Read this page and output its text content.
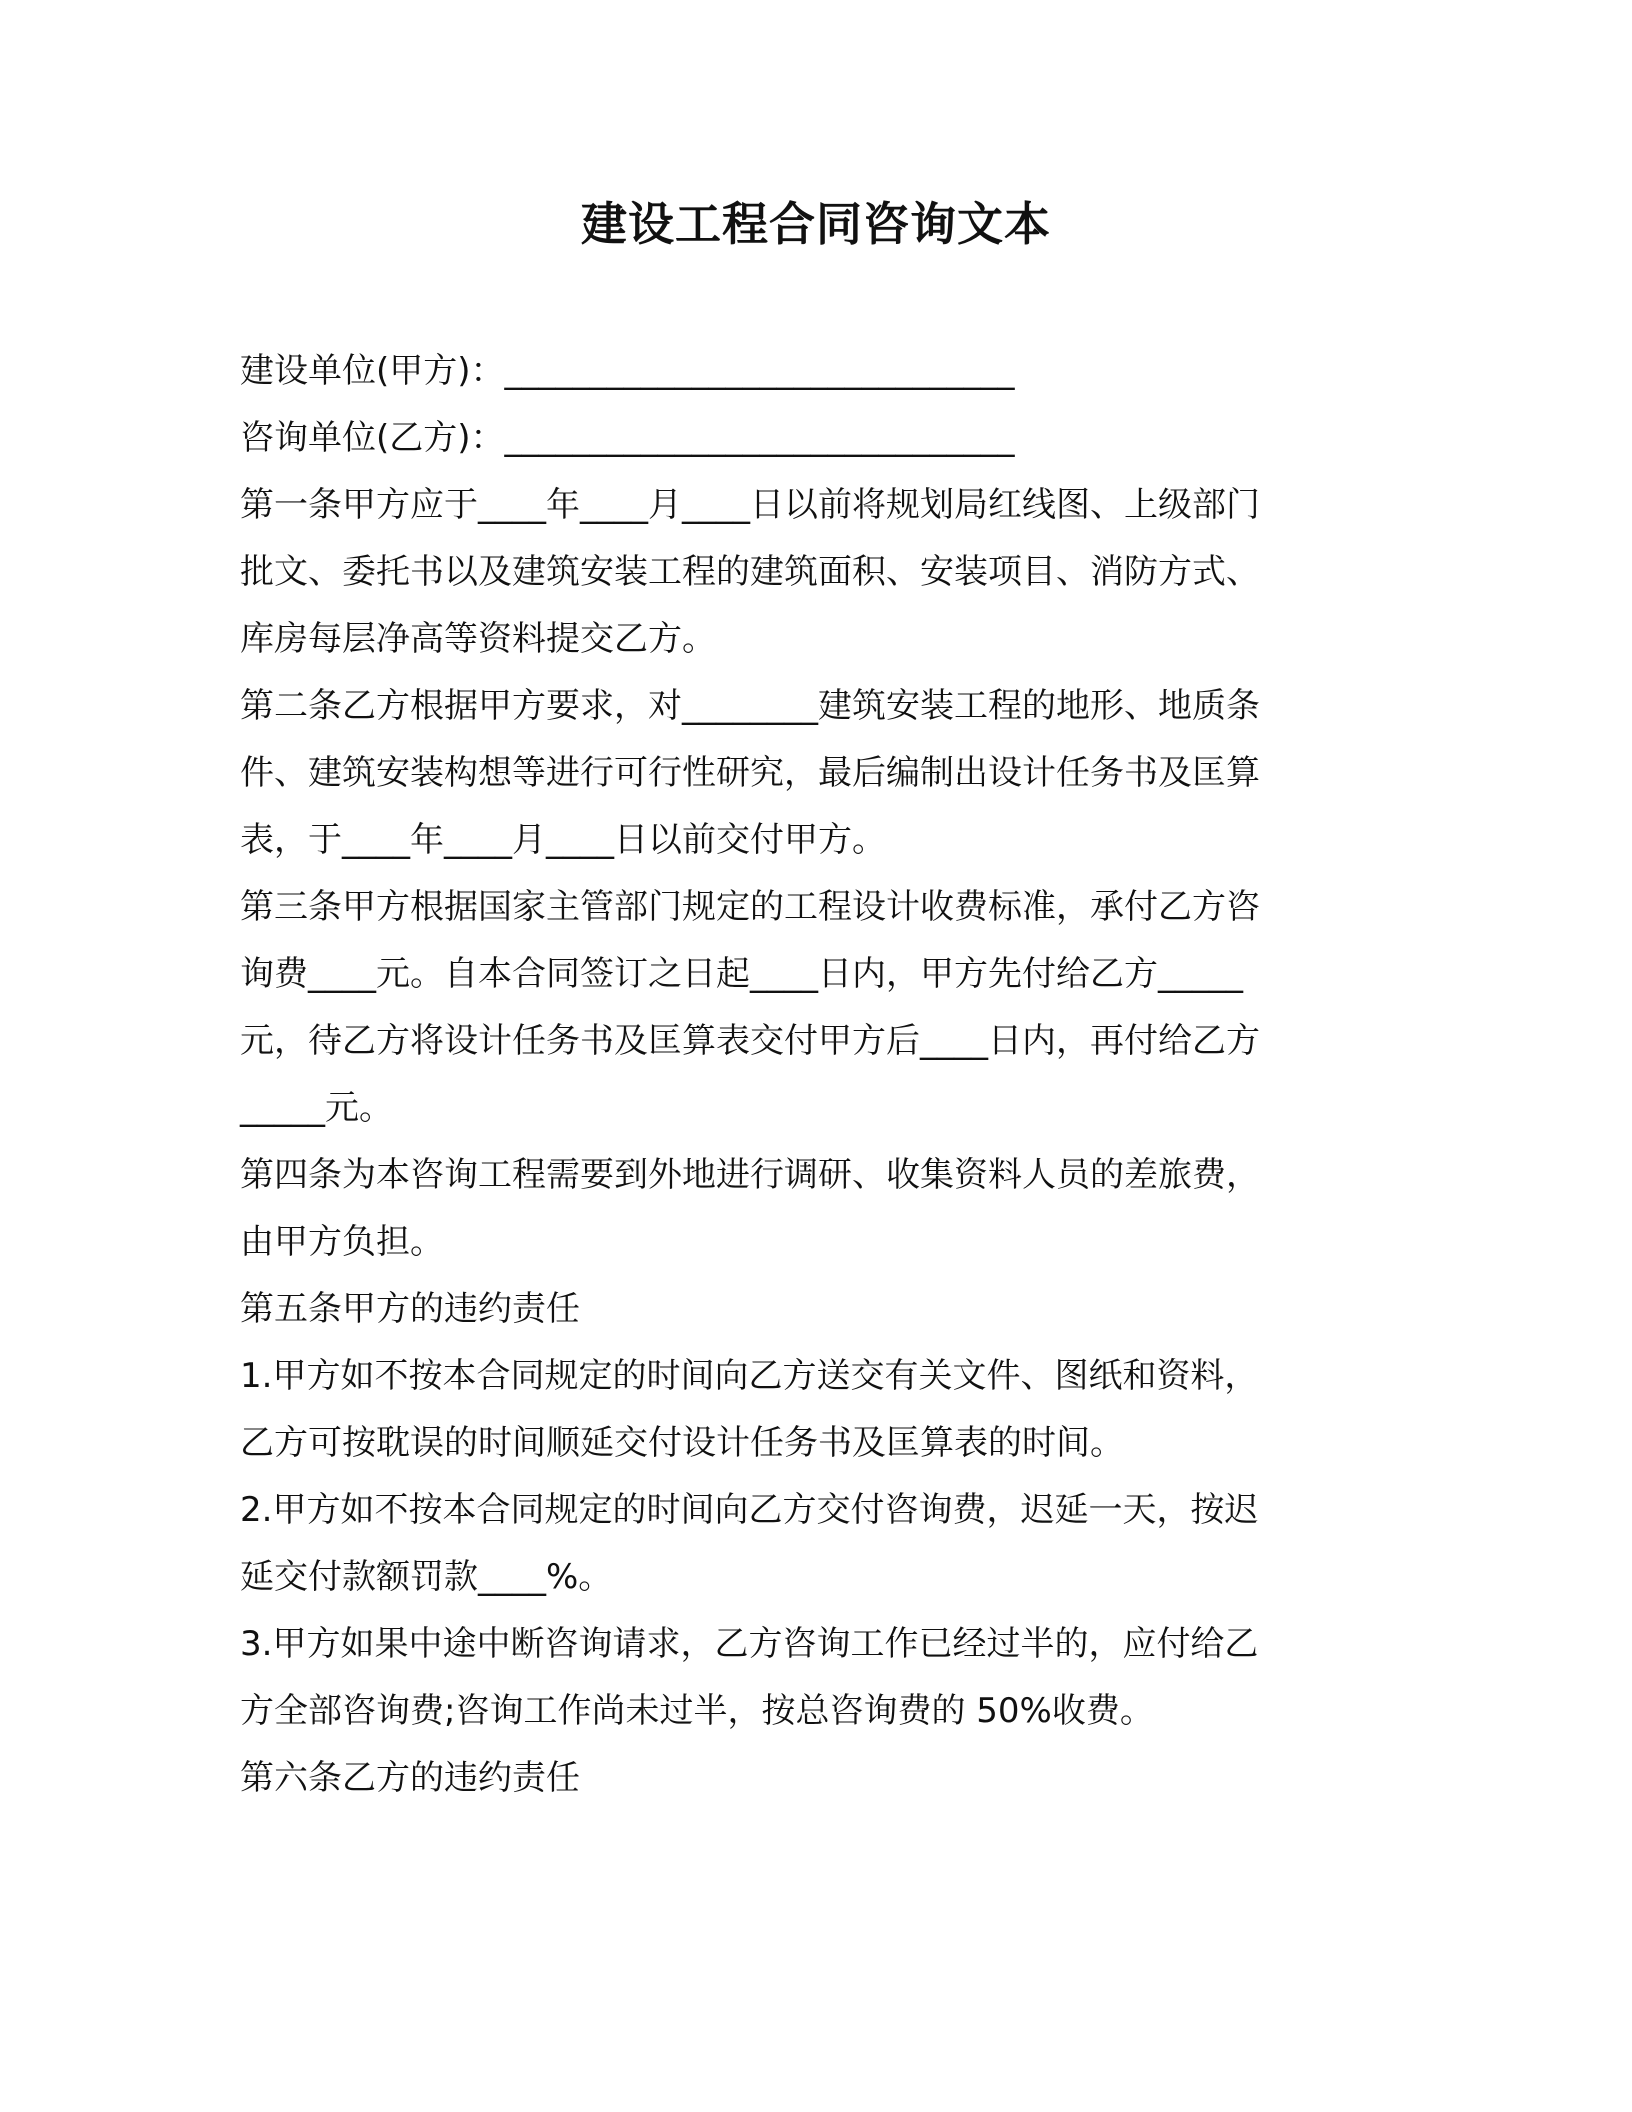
建设工程合同咨询文本
建设单位(甲方)：______________________________
咨询单位(乙方)：______________________________
第一条甲方应于____年____月____日以前将规划局红线图、上级部门
批文、委托书以及建筑安装工程的建筑面积、安装项目、消防方式、
库房每层净高等资料提交乙方。
第二条乙方根据甲方要求，对________建筑安装工程的地形、地质条
件、建筑安装构想等进行可行性研究，最后编制出设计任务书及匡算
表，于____年____月____日以前交付甲方。
第三条甲方根据国家主管部门规定的工程设计收费标准，承付乙方咨
询费____元。自本合同签订之日起____日内，甲方先付给乙方_____
元，待乙方将设计任务书及匡算表交付甲方后____日内，再付给乙方
_____元。
第四条为本咨询工程需要到外地进行调研、收集资料人员的差旅费，
由甲方负担。
第五条甲方的违约责任
1.甲方如不按本合同规定的时间向乙方送交有关文件、图纸和资料，
乙方可按耽误的时间顺延交付设计任务书及匡算表的时间。
2.甲方如不按本合同规定的时间向乙方交付咨询费，迟延一天，按迟
延交付款额罚款____%。
3.甲方如果中途中断咨询请求，乙方咨询工作已经过半的，应付给乙
方全部咨询费;咨询工作尚未过半，按总咨询费的 50%收费。
第六条乙方的违约责任
